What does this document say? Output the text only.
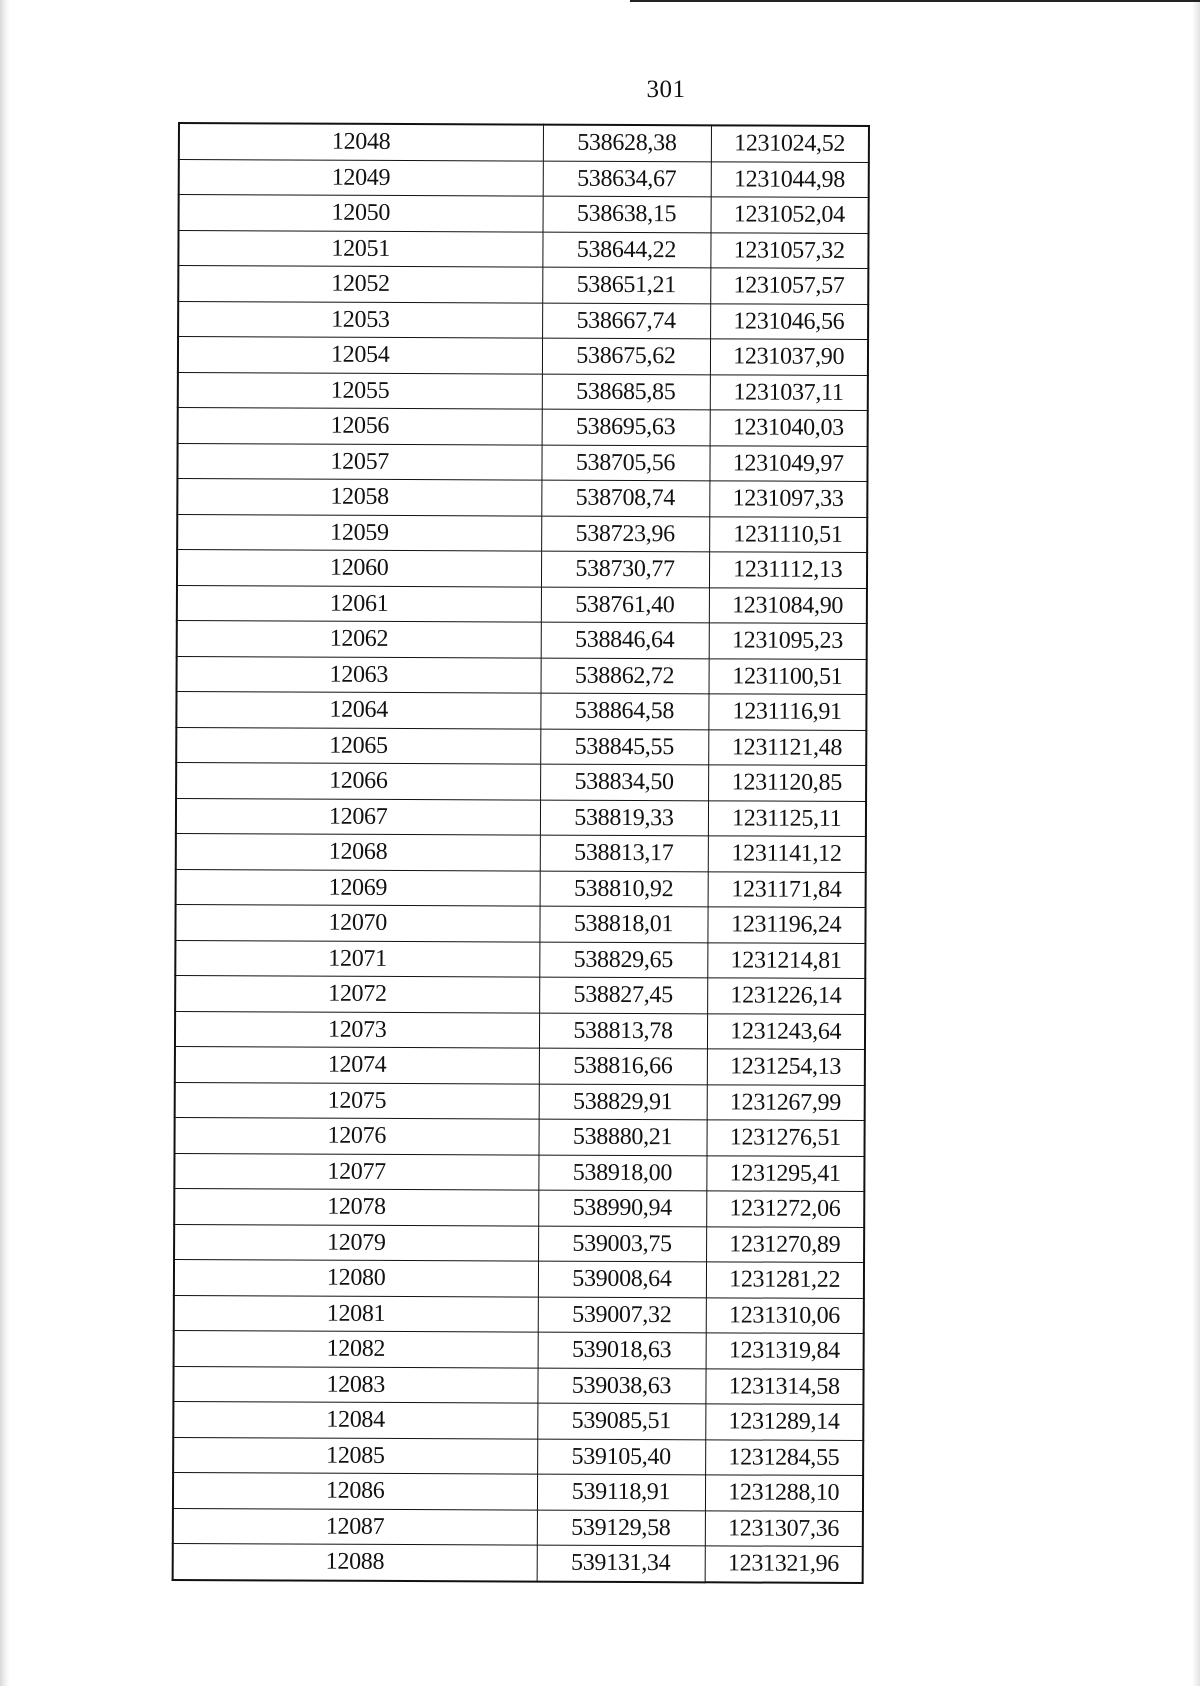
301
12048	538628,38	1231024,52
12049	538634,67	1231044,98
12050	538638,15	1231052,04
12051	538644,22	1231057,32
12052	538651,21	1231057,57
12053	538667,74	1231046,56
12054	538675,62	1231037,90
12055	538685,85	1231037,11
12056	538695,63	1231040,03
12057	538705,56	1231049,97
12058	538708,74	1231097,33
12059	538723,96	1231110,51
12060	538730,77	1231112,13
12061	538761,40	1231084,90
12062	538846,64	1231095,23
12063	538862,72	1231100,51
12064	538864,58	1231116,91
12065	538845,55	1231121,48
12066	538834,50	1231120,85
12067	538819,33	1231125,11
12068	538813,17	1231141,12
12069	538810,92	1231171,84
12070	538818,01	1231196,24
12071	538829,65	1231214,81
12072	538827,45	1231226,14
12073	538813,78	1231243,64
12074	538816,66	1231254,13
12075	538829,91	1231267,99
12076	538880,21	1231276,51
12077	538918,00	1231295,41
12078	538990,94	1231272,06
12079	539003,75	1231270,89
12080	539008,64	1231281,22
12081	539007,32	1231310,06
12082	539018,63	1231319,84
12083	539038,63	1231314,58
12084	539085,51	1231289,14
12085	539105,40	1231284,55
12086	539118,91	1231288,10
12087	539129,58	1231307,36
12088	539131,34	1231321,96
